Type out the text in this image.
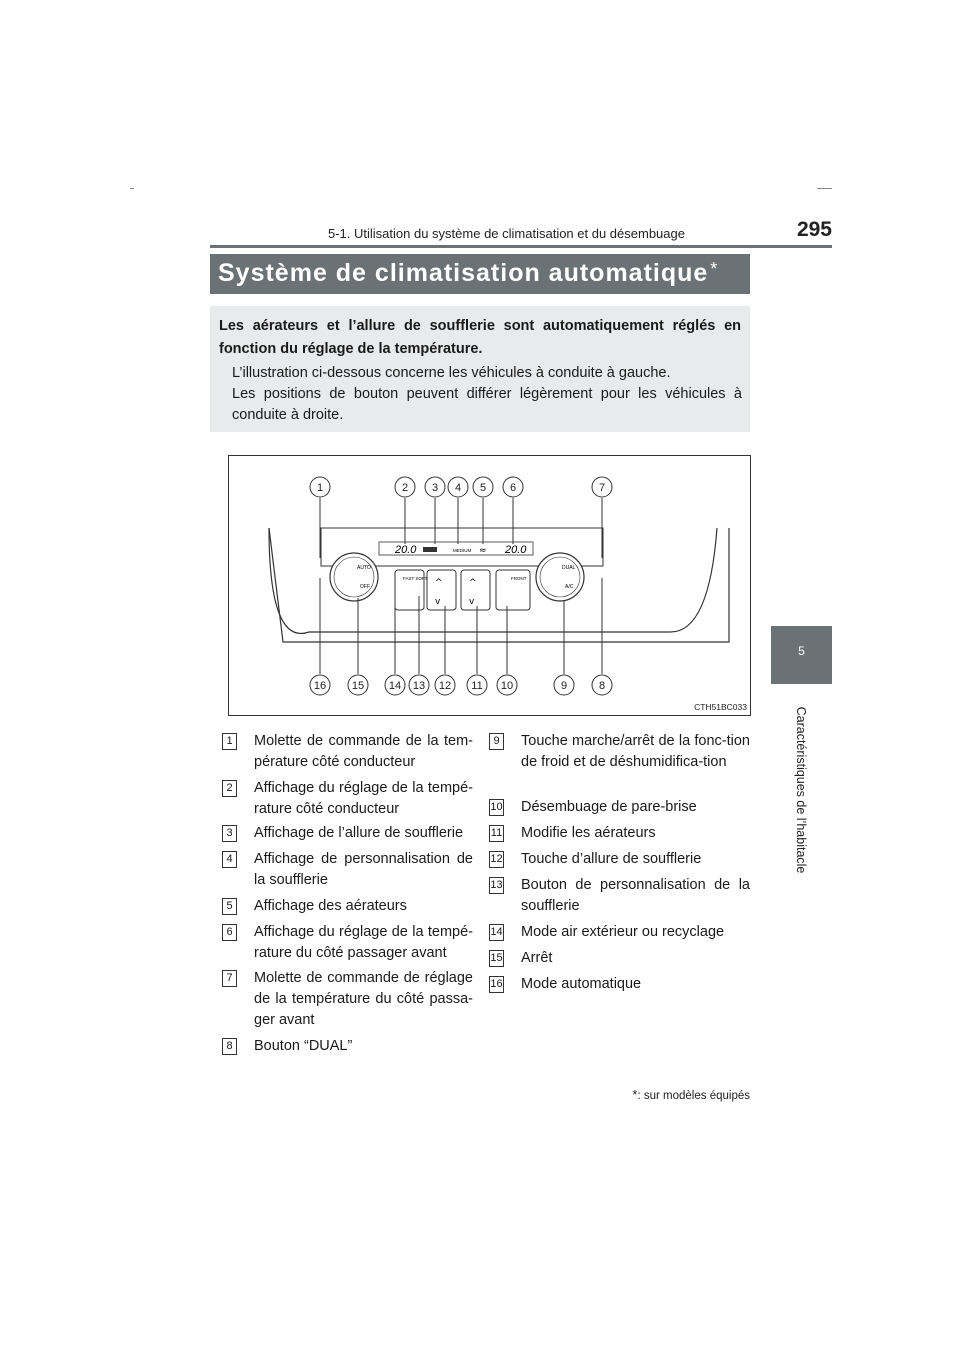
5-1. Utilisation du système de climatisation et du désembuage	295
5
Caractéristiques de l’habitacle
Système de climatisation automatique *
Les aérateurs et l’allure de soufflerie sont automatiquement réglés en fonction du réglage de la température.
L’illustration ci-dessous concerne les véhicules à conduite à gauche.
Les positions de bouton peuvent différer légèrement pour les véhicules à conduite à droite.
20.0	MEDIUM ≈ 20.0
AUTO
OFF
DUAL
A/C
FAST SOFT ^
v
^
v
FRONT
1	2 3 4 5 6	7
8
9
10
11
12
13
14
15
16
CTH51BC033
1	Molette de commande de la tem-pérature côté conducteur
2	Affichage du réglage de la tempé-rature côté conducteur
3	Affichage de l’allure de soufflerie
4	Affichage de personnalisation de la soufflerie
5	Affichage des aérateurs
6	Affichage du réglage de la tempé-rature du côté passager avant
7	Molette de commande de réglage de la température du côté passa-ger avant
8	Bouton “DUAL”
9	Touche marche/arrêt de la fonc-tion de froid et de déshumidifica-tion
10 Désembuage de pare-brise
11 Modifie les aérateurs
12 Touche d’allure de soufflerie
13 Bouton de personnalisation de la soufflerie
14 Mode air extérieur ou recyclage
15 Arrêt
16 Mode automatique
*: sur modèles équipés
